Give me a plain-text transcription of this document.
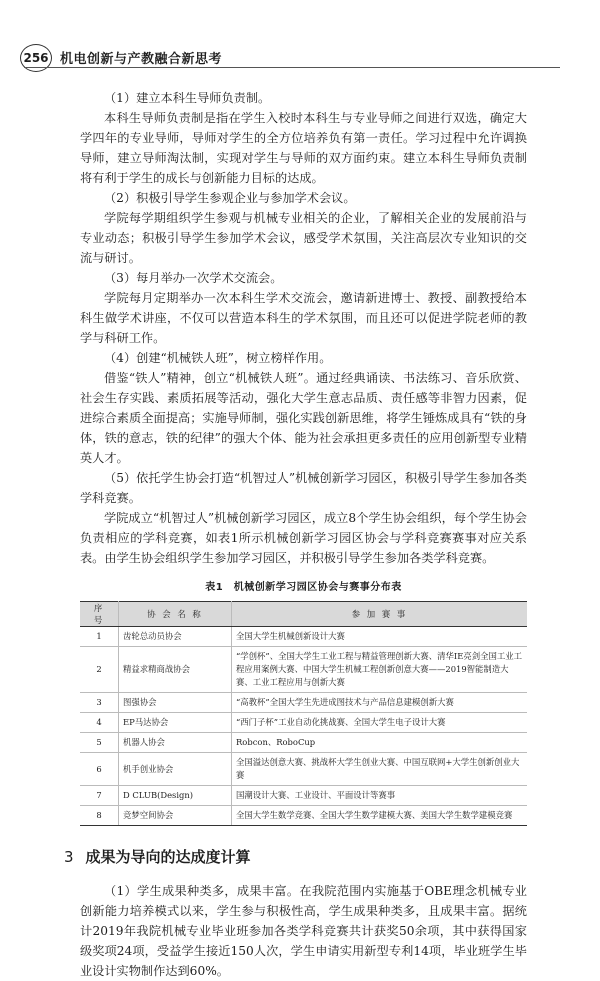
256 机电创新与产教融合新思考

（1）建立本科生导师负责制。

本科生导师负责制是指在学生入校时本科生与专业导师之间进行双选，确定大学四年的专业导师，导师对学生的全方位培养负有第一责任。学习过程中允许调换导师，建立导师淘汰制，实现对学生与导师的双方面约束。建立本科生导师负责制将有利于学生的成长与创新能力目标的达成。

（2）积极引导学生参观企业与参加学术会议。

学院每学期组织学生参观与机械专业相关的企业，了解相关企业的发展前沿与专业动态；积极引导学生参加学术会议，感受学术氛围，关注高层次专业知识的交流与研讨。

（3）每月举办一次学术交流会。

学院每月定期举办一次本科生学术交流会，邀请新进博士、教授、副教授给本科生做学术讲座，不仅可以营造本科生的学术氛围，而且还可以促进学院老师的教学与科研工作。

（4）创建“机械铁人班”，树立榜样作用。

借鉴“铁人”精神，创立“机械铁人班”。通过经典诵读、书法练习、音乐欣赏、社会生存实践、素质拓展等活动，强化大学生意志品质、责任感等非智力因素，促进综合素质全面提高；实施导师制，强化实践创新思维，将学生锤炼成具有“铁的身体，铁的意志，铁的纪律”的强大个体、能为社会承担更多责任的应用创新型专业精英人才。

（5）依托学生协会打造“机智过人”机械创新学习园区，积极引导学生参加各类学科竞赛。

学院成立“机智过人”机械创新学习园区，成立8个学生协会组织，每个学生协会负责相应的学科竞赛，如表1所示机械创新学习园区协会与学科竞赛赛事对应关系表。由学生协会组织学生参加学习园区，并积极引导学生参加各类学科竞赛。

表1　机械创新学习园区协会与赛事分布表
序　号	协 会 名 称	参 加 赛 事
1	齿轮总动员协会	全国大学生机械创新设计大赛
2	精益求精商战协会	“学创杯”、全国大学生工业工程与精益管理创新大赛、清华IE亮剑全国工业工程应用案例大赛、中国大学生机械工程创新创意大赛——2019智能制造大赛、工业工程应用与创新大赛
3	图强协会	“高教杯”全国大学生先进成图技术与产品信息建模创新大赛
4	EP马达协会	“西门子杯”工业自动化挑战赛、全国大学生电子设计大赛
5	机器人协会	Robcon、RoboCup
6	机手创业协会	全国溢达创意大赛、挑战杯大学生创业大赛、中国互联网+大学生创新创业大赛
7	D CLUB(Design)	国潮设计大赛、工业设计、平面设计等赛事
8	竞梦空间协会	全国大学生数学竞赛、全国大学生数学建模大赛、美国大学生数学建模竞赛
3 成果为导向的达成度计算

（1）学生成果种类多，成果丰富。在我院范围内实施基于OBE理念机械专业创新能力培养模式以来，学生参与积极性高，学生成果种类多，且成果丰富。据统计2019年我院机械专业毕业班参加各类学科竞赛共计获奖50余项，其中获得国家级奖项24项，受益学生接近150人次，学生申请实用新型专利14项，毕业班学生毕业设计实物制作达到60%。
